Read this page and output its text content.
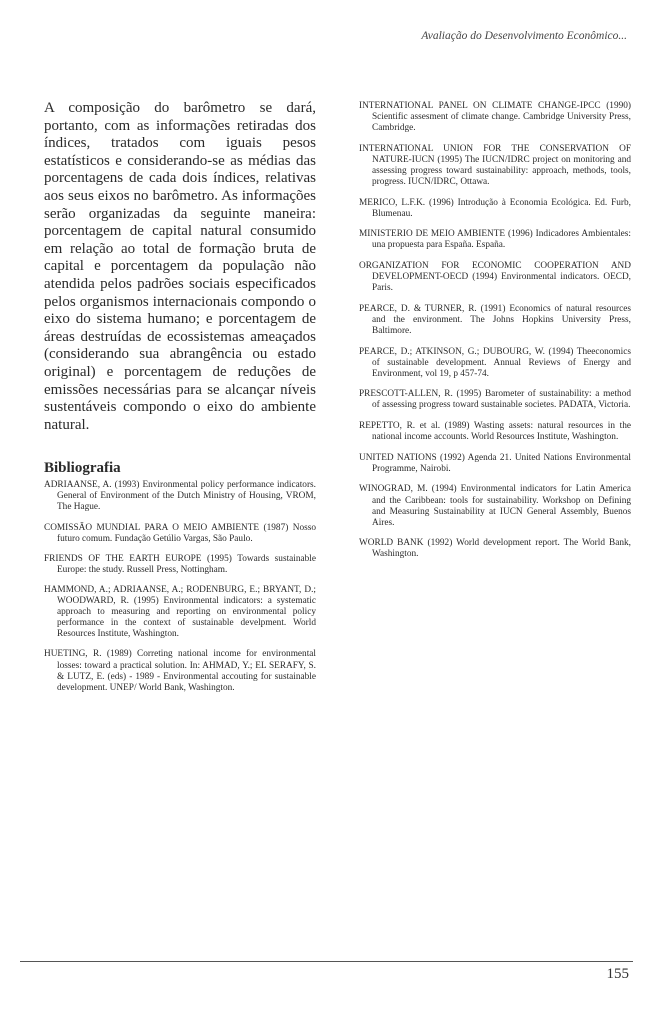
Avaliação do Desenvolvimento Econômico...

A composição do barômetro se dará, portanto, com as informações retiradas dos índices, tratados com iguais pesos estatísticos e considerando-se as médias das porcentagens de cada dois índices, relativas aos seus eixos no barômetro. As informações serão organizadas da seguinte maneira: porcentagem de capital natural consumido em relação ao total de formação bruta de capital e porcentagem da população não atendida pelos padrões sociais especificados pelos organismos internacionais compondo o eixo do sistema humano; e porcentagem de áreas destruídas de ecossistemas ameaçados (considerando sua abrangência ou estado original) e porcentagem de reduções de emissões necessárias para se alcançar níveis sustentáveis compondo o eixo do ambiente natural.

Bibliografia

ADRIAANSE, A. (1993) Environmental policy performance indicators. General of Environment of the Dutch Ministry of Housing, VROM, The Hague.

COMISSÃO MUNDIAL PARA O MEIO AMBIENTE (1987) Nosso futuro comum. Fundação Getúlio Vargas, São Paulo.

FRIENDS OF THE EARTH EUROPE (1995) Towards sustainable Europe: the study. Russell Press, Nottingham.

HAMMOND, A.; ADRIAANSE, A.; RODENBURG, E.; BRYANT, D.; WOODWARD, R. (1995) Environmental indicators: a systematic approach to measuring and reporting on environmental policy performance in the context of sustainable develpment. World Resources Institute, Washington.

HUETING, R. (1989) Correting national income for environmental losses: toward a practical solution. In: AHMAD, Y.; EL SERAFY, S. & LUTZ, E. (eds) - 1989 - Environmental accouting for sustainable development. UNEP/ World Bank, Washington.

INTERNATIONAL PANEL ON CLIMATE CHANGE-IPCC (1990) Scientific assesment of climate change. Cambridge University Press, Cambridge.

INTERNATIONAL UNION FOR THE CONSERVATION OF NATURE-IUCN (1995) The IUCN/IDRC project on monitoring and assessing progress toward sustainability: approach, methods, tools, progress. IUCN/IDRC, Ottawa.

MERICO, L.F.K. (1996) Introdução à Economia Ecológica. Ed. Furb, Blumenau.

MINISTERIO DE MEIO AMBIENTE (1996) Indicadores Ambientales: una propuesta para España. España.

ORGANIZATION FOR ECONOMIC COOPERATION AND DEVELOPMENT-OECD (1994) Environmental indicators. OECD, Paris.

PEARCE, D. & TURNER, R. (1991) Economics of natural resources and the environment. The Johns Hopkins University Press, Baltimore.

PEARCE, D.; ATKINSON, G.; DUBOURG, W. (1994) Theeconomics of sustainable development. Annual Reviews of Energy and Environment, vol 19, p 457-74.

PRESCOTT-ALLEN, R. (1995) Barometer of sustainability: a method of assessing progress toward sustainable societes. PADATA, Victoria.

REPETTO, R. et al. (1989) Wasting assets: natural resources in the national income accounts. World Resources Institute, Washington.

UNITED NATIONS (1992) Agenda 21. United Nations Environmental Programme, Nairobi.

WINOGRAD, M. (1994) Environmental indicators for Latin America and the Caribbean: tools for sustainability. Workshop on Defining and Measuring Sustainability at IUCN General Assembly, Buenos Aires.

WORLD BANK (1992) World development report. The World Bank, Washington.

155
